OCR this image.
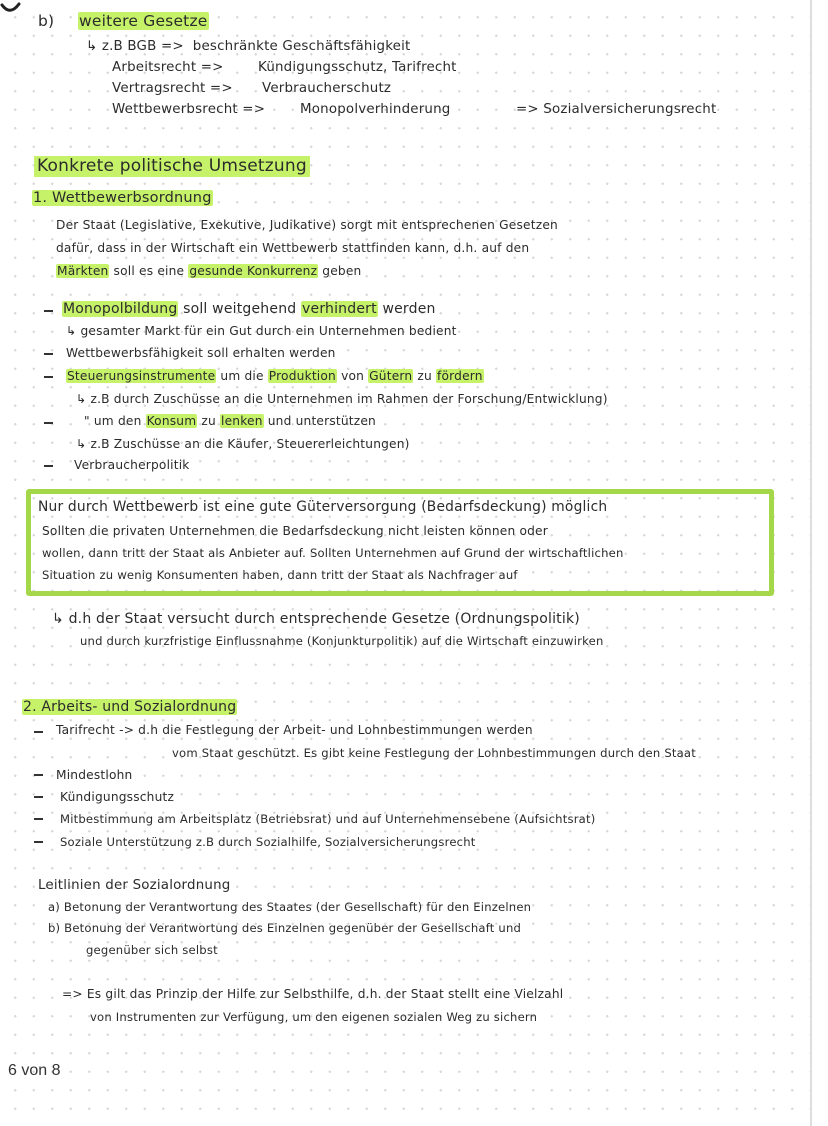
b) weitere Gesetze
↳ z.B BGB => beschränkte Geschäftsfähigkeit
Arbeitsrecht =>	Kündigungsschutz, Tarifrecht
Vertragsrecht => Verbraucherschutz
Wettbewerbsrecht =>	Monopolverhinderung	=> Sozialversicherungsrecht
Konkrete politische Umsetzung
1. Wettbewerbsordnung
Der Staat (Legislative, Exekutive, Judikative) sorgt mit entsprechenen Gesetzen
dafür, dass in der Wirtschaft ein Wettbewerb stattfinden kann, d.h. auf den
Märkten soll es eine gesunde Konkurrenz geben
Monopolbildung soll weitgehend verhindert werden
↳ gesamter Markt für ein Gut durch ein Unternehmen bedient
Wettbewerbsfähigkeit soll erhalten werden
Steuerungsinstrumente um die Produktion von Gütern zu fördern
↳ z.B durch Zuschüsse an die Unternehmen im Rahmen der Forschung/Entwicklung)
" um den Konsum zu lenken und unterstützen
↳ z.B Zuschüsse an die Käufer, Steuererleichtungen)
Verbraucherpolitik
Nur durch Wettbewerb ist eine gute Güterversorgung (Bedarfsdeckung) möglich
Sollten die privaten Unternehmen die Bedarfsdeckung nicht leisten können oder
wollen, dann tritt der Staat als Anbieter auf. Sollten Unternehmen auf Grund der wirtschaftlichen
Situation zu wenig Konsumenten haben, dann tritt der Staat als Nachfrager auf
↳ d.h der Staat versucht durch entsprechende Gesetze (Ordnungspolitik)
und durch kurzfristige Einflussnahme (Konjunkturpolitik) auf die Wirtschaft einzuwirken
2. Arbeits- und Sozialordnung
Tarifrecht -> d.h die Festlegung der Arbeit- und Lohnbestimmungen werden
vom Staat geschützt. Es gibt keine Festlegung der Lohnbestimmungen durch den Staat
Mindestlohn
Kündigungsschutz
Mitbestimmung am Arbeitsplatz (Betriebsrat) und auf Unternehmensebene (Aufsichtsrat)
Soziale Unterstützung z.B durch Sozialhilfe, Sozialversicherungsrecht
Leitlinien der Sozialordnung
a) Betonung der Verantwortung des Staates (der Gesellschaft) für den Einzelnen
b) Betonung der Verantwortung des Einzelnen gegenüber der Gesellschaft und
gegenüber sich selbst
=> Es gilt das Prinzip der Hilfe zur Selbsthilfe, d.h. der Staat stellt eine Vielzahl
von Instrumenten zur Verfügung, um den eigenen sozialen Weg zu sichern
6 von 8
